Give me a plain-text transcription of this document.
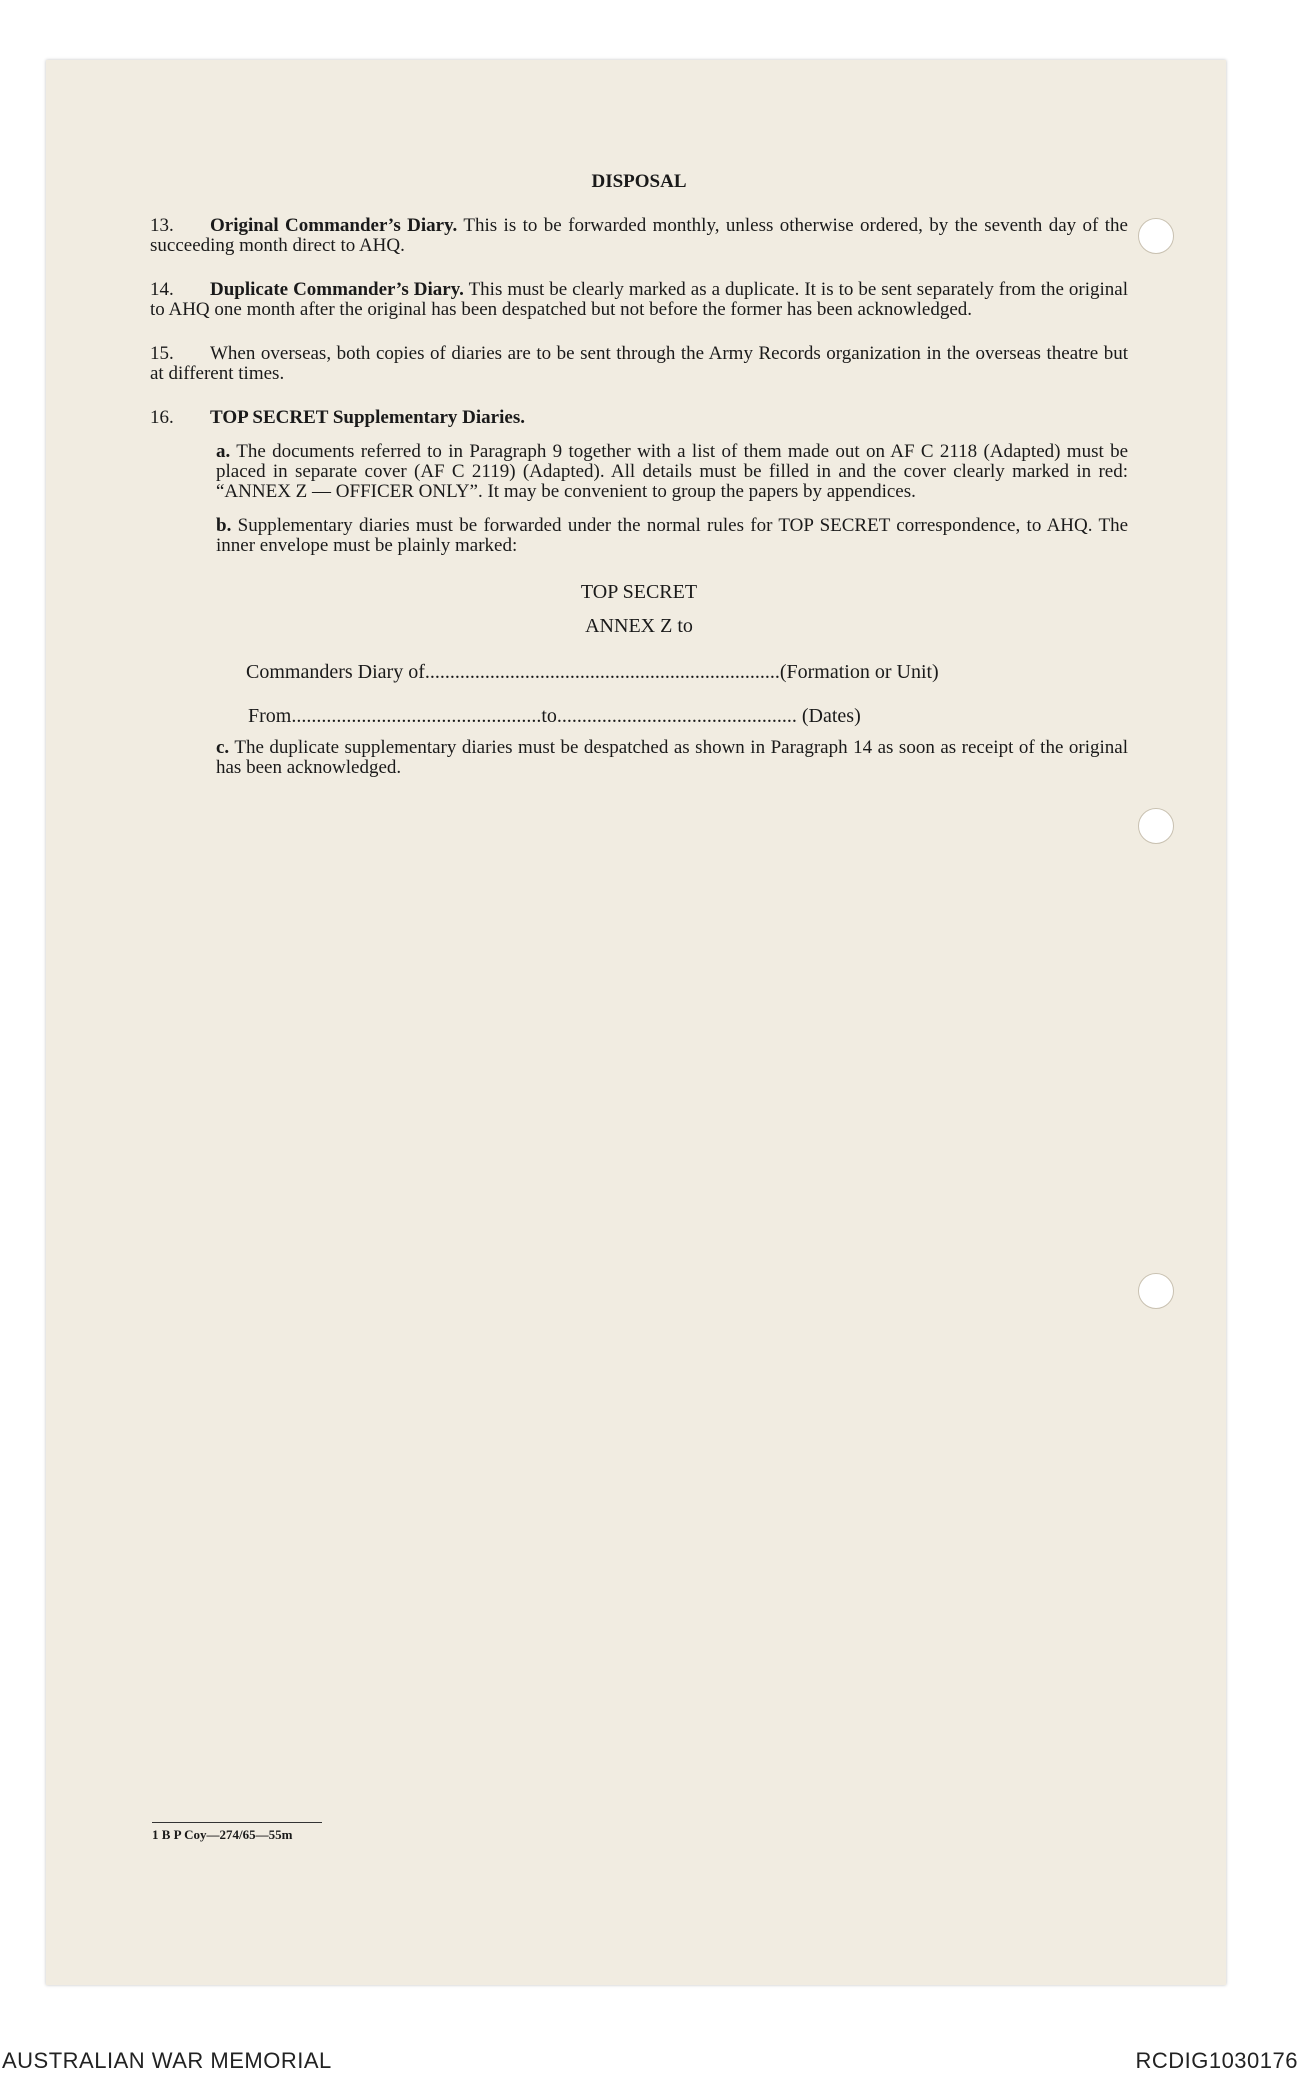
DISPOSAL

13. Original Commander’s Diary. This is to be forwarded monthly, unless otherwise ordered, by the seventh day of the succeeding month direct to AHQ.

14. Duplicate Commander’s Diary. This must be clearly marked as a duplicate. It is to be sent separately from the original to AHQ one month after the original has been despatched but not before the former has been acknowledged.

15. When overseas, both copies of diaries are to be sent through the Army Records organization in the overseas theatre but at different times.

16. TOP SECRET Supplementary Diaries.

a. The documents referred to in Paragraph 9 together with a list of them made out on AF C 2118 (Adapted) must be placed in separate cover (AF C 2119) (Adapted). All details must be filled in and the cover clearly marked in red: “ANNEX Z — OFFICER ONLY”. It may be convenient to group the papers by appendices.

b. Supplementary diaries must be forwarded under the normal rules for TOP SECRET correspondence, to AHQ. The inner envelope must be plainly marked:

TOP SECRET

ANNEX Z to

Commanders Diary of.......................................................................(Formation or Unit)
From..................................................to................................................ (Dates)

c. The duplicate supplementary diaries must be despatched as shown in Paragraph 14 as soon as receipt of the original has been acknowledged.

1 B P Coy—274/65—55m
AUSTRALIAN WAR MEMORIAL	RCDIG1030176
